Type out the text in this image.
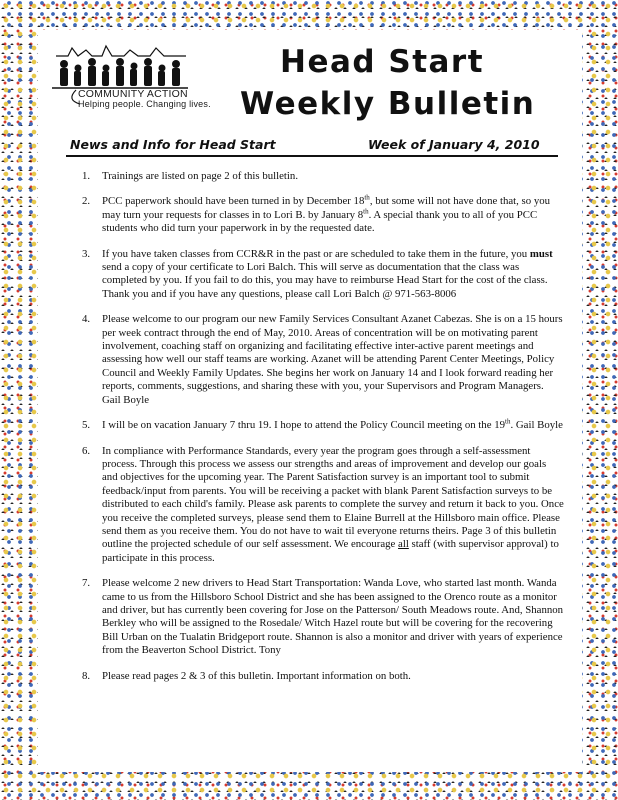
COMMUNITY ACTION
Helping people. Changing lives.
Head Start
Weekly Bulletin
News and Info for Head Start	Week of January 4, 2010
1.	Trainings are listed on page 2 of this bulletin.
2.	PCC paperwork should have been turned in by December 18th, but some will not have done that, so you may turn your requests for classes in to Lori B. by January 8th. A special thank you to all of you PCC students who did turn your paperwork in by the requested date.
3.	If you have taken classes from CCR&R in the past or are scheduled to take them in the future, you must send a copy of your certificate to Lori Balch. This will serve as documentation that the class was completed by you. If you fail to do this, you may have to reimburse Head Start for the cost of the class. Thank you and if you have any questions, please call Lori Balch @ 971-563-8006
4.	Please welcome to our program our new Family Services Consultant Azanet Cabezas. She is on a 15 hours per week contract through the end of May, 2010. Areas of concentration will be on motivating parent involvement, coaching staff on organizing and facilitating effective inter-active parent meetings and assessing how well our staff teams are working. Azanet will be attending Parent Center Meetings, Policy Council and Weekly Family Updates. She begins her work on January 14 and I look forward reading her reports, comments, suggestions, and sharing these with you, your Supervisors and Program Managers. Gail Boyle
5.	I will be on vacation January 7 thru 19. I hope to attend the Policy Council meeting on the 19th. Gail Boyle
6.	In compliance with Performance Standards, every year the program goes through a self-assessment process. Through this process we assess our strengths and areas of improvement and develop our goals and objectives for the upcoming year. The Parent Satisfaction survey is an important tool to submit feedback/input from parents. You will be receiving a packet with blank Parent Satisfaction surveys to be distributed to each child's family. Please ask parents to complete the survey and return it back to you. Once you receive the completed surveys, please send them to Elaine Burrell at the Hillsboro main office. Please send them as you receive them. You do not have to wait til everyone returns theirs. Page 3 of this bulletin outline the projected schedule of our self assessment. We encourage all staff (with supervisor approval) to participate in this process.
7.	Please welcome 2 new drivers to Head Start Transportation: Wanda Love, who started last month. Wanda came to us from the Hillsboro School District and she has been assigned to the Orenco route as a monitor and driver, but has currently been covering for Jose on the Patterson/ South Meadows route. And, Shannon Berkley who will be assigned to the Rosedale/ Witch Hazel route but will be covering for the recovering Bill Urban on the Tualatin Bridgeport route. Shannon is also a monitor and driver with years of experience from the Beaverton School District. Tony
8.	Please read pages 2 & 3 of this bulletin. Important information on both.
